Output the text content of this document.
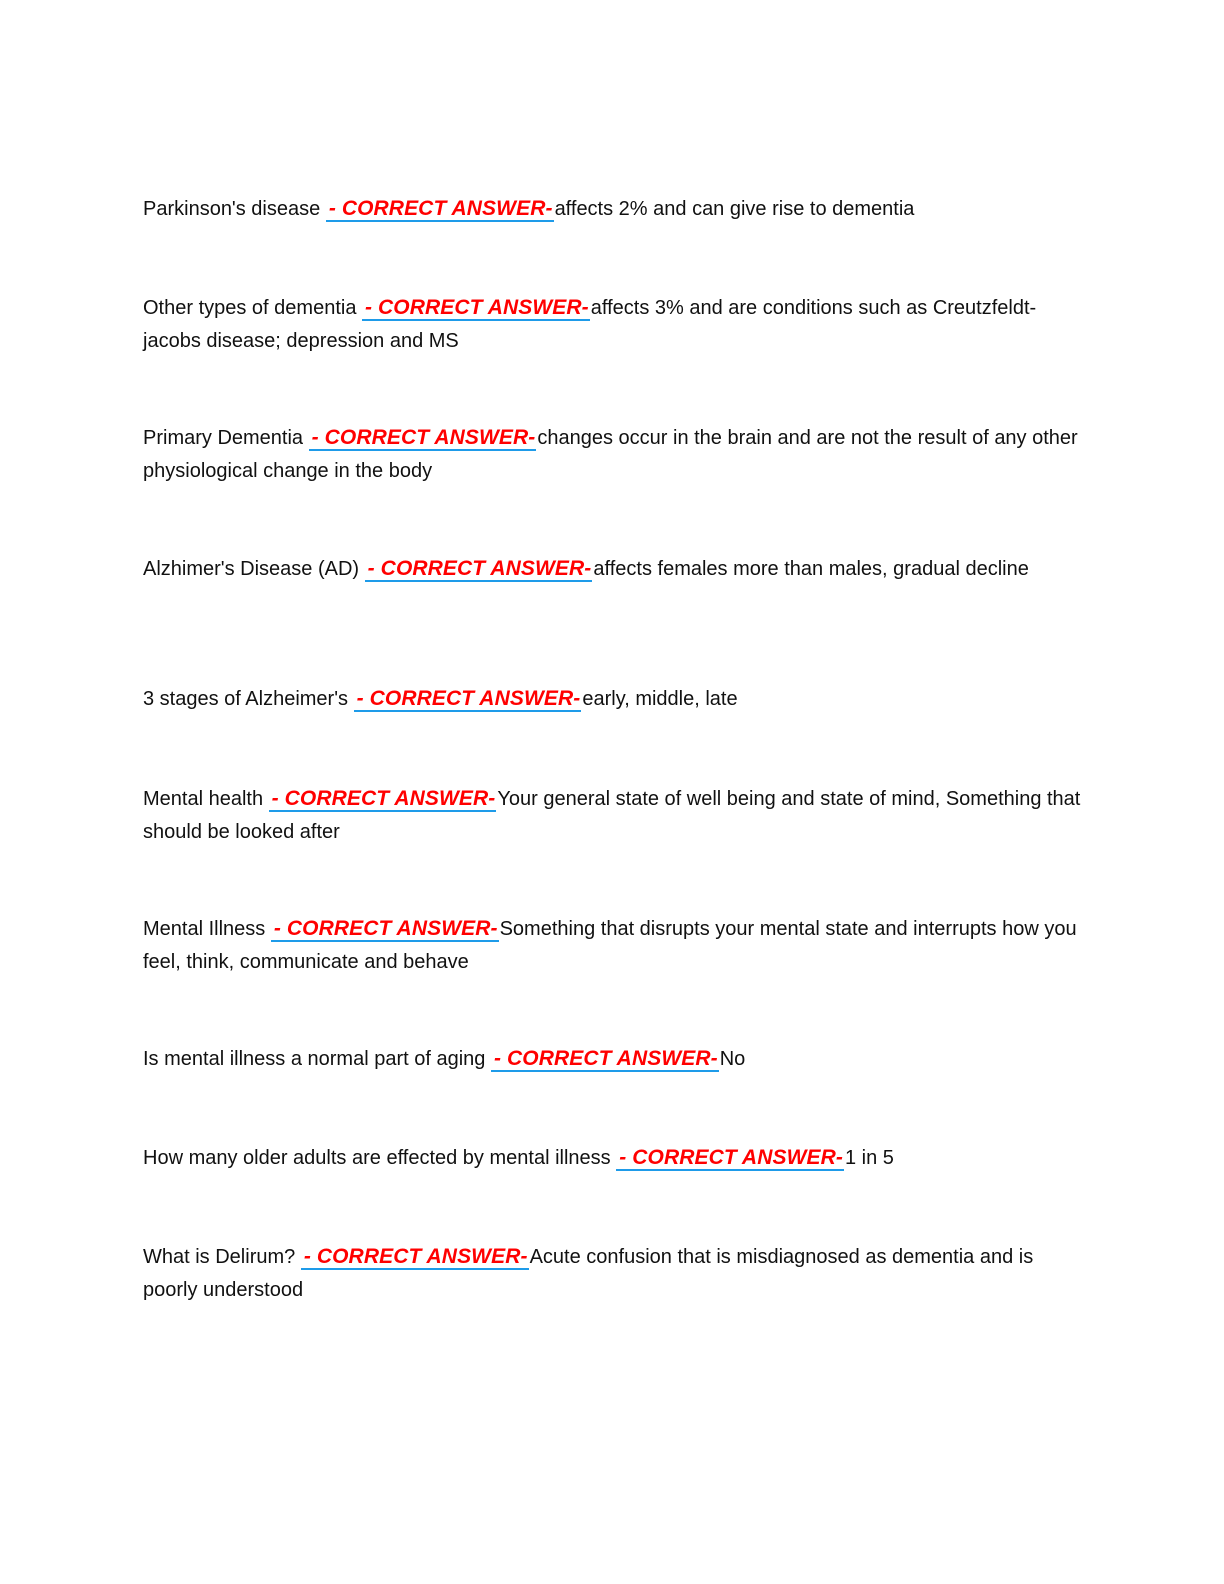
Parkinson's disease - CORRECT ANSWER- affects 2% and can give rise to dementia

Other types of dementia - CORRECT ANSWER- affects 3% and are conditions such as Creutzfeldt- jacobs disease; depression and MS

Primary Dementia - CORRECT ANSWER- changes occur in the brain and are not the result of any other physiological change in the body

Alzhimer's Disease (AD) - CORRECT ANSWER- affects females more than males, gradual decline

3 stages of Alzheimer's - CORRECT ANSWER- early, middle, late

Mental health - CORRECT ANSWER- Your general state of well being and state of mind, Something that should be looked after

Mental Illness - CORRECT ANSWER- Something that disrupts your mental state and interrupts how you feel, think, communicate and behave

Is mental illness a normal part of aging - CORRECT ANSWER- No

How many older adults are effected by mental illness - CORRECT ANSWER- 1 in 5

What is Delirum? - CORRECT ANSWER- Acute confusion that is misdiagnosed as dementia and is poorly understood
